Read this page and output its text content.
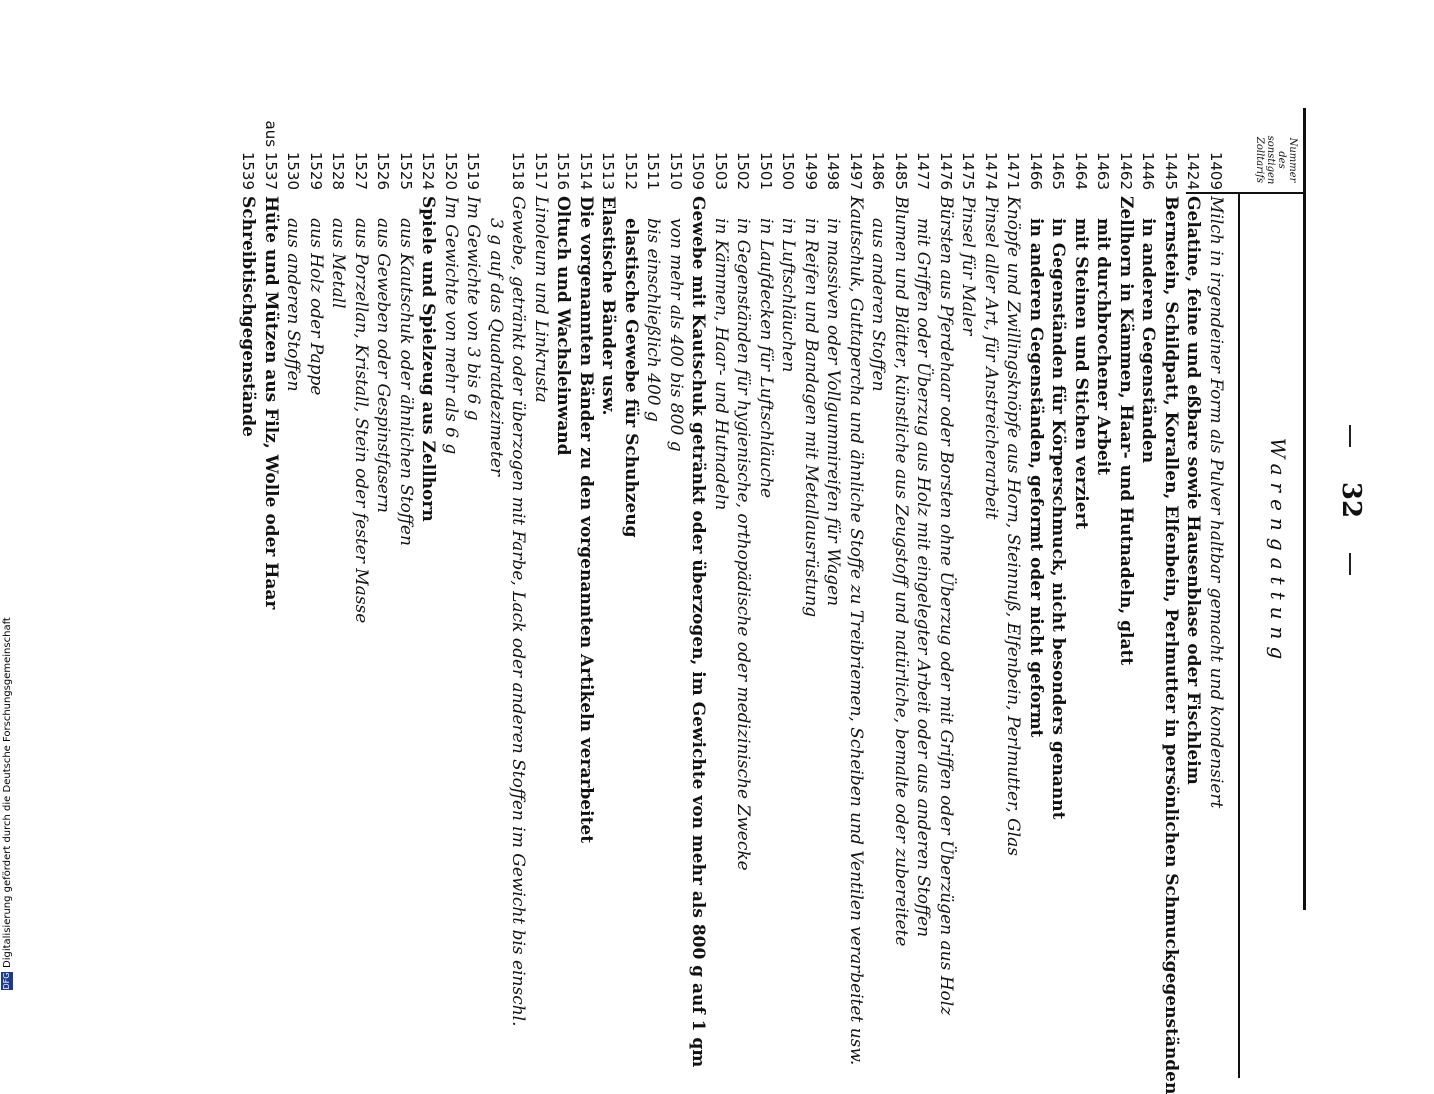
32
Nummer des sonstigen Zolltarifs
Warengattung
1409
Milch in irgendeiner Form als Pulver haltbar gemacht und kondensiert
1424
Gelatine, feine und eßbare sowie Hausenblase oder Fischleim
1445
Bernstein, Schildpatt, Korallen, Elfenbein, Perlmutter in persönlichen Schmuckgegenständen
1446
in anderen Gegenständen
1462
Zellhorn in Kämmen, Haar- und Hutnadeln, glatt
1463
mit durchbrochener Arbeit
1464
mit Steinen und Stichen verziert
1465
in Gegenständen für Körperschmuck, nicht besonders genannt
1466
in anderen Gegenständen, geformt oder nicht geformt
1471
Knöpfe und Zwillingsknöpfe aus Horn, Steinnuß, Elfenbein, Perlmutter, Glas
1474
Pinsel aller Art, für Anstreicherarbeit
1475
Pinsel für Maler
1476
Bürsten aus Pferdehaar oder Borsten ohne Überzug oder mit Griffen oder Überzügen aus Holz
1477
mit Griffen oder Überzug aus Holz mit eingelegter Arbeit oder aus anderen Stoffen
1485
Blumen und Blätter, künstliche aus Zeugstoff und natürliche, bemalte oder zubereitete
1486
aus anderen Stoffen
1497
Kautschuk, Guttapercha und ähnliche Stoffe zu Treibriemen, Scheiben und Ventilen verarbeitet usw.
1498
in massiven oder Vollgummireifen für Wagen
1499
in Reifen und Bandagen mit Metallausrüstung
1500
in Luftschläuchen
1501
in Laufdecken für Luftschläuche
1502
in Gegenständen für hygienische, orthopädische oder medizinische Zwecke
1503
in Kämmen, Haar- und Hutnadeln
1509
Gewebe mit Kautschuk getränkt oder überzogen, im Gewichte von mehr als 800 g auf 1 qm
1510
von mehr als 400 bis 800 g
1511
bis einschließlich 400 g
1512
elastische Gewebe für Schuhzeug
1513
Elastische Bänder usw.
1514
Die vorgenannten Bänder zu den vorgenannten Artikeln verarbeitet
1516
Oltuch und Wachsleinwand
1517
Linoleum und Linkrusta
1518
Gewebe, getränkt oder überzogen mit Farbe, Lack oder anderen Stoffen im Gewicht bis einschl.
3 g auf das Quadratdezimeter
1519
Im Gewichte von 3 bis 6 g
1520
Im Gewichte von mehr als 6 g
1524
Spiele und Spielzeug aus Zellhorn
1525
aus Kautschuk oder ähnlichen Stoffen
1526
aus Geweben oder Gespinstfasern
1527
aus Porzellan, Kristall, Stein oder fester Masse
1528
aus Metall
1529
aus Holz oder Pappe
1530
aus anderen Stoffen
aus 1537
Hüte und Mützen aus Filz, Wolle oder Haar
1539
Schreibtischgegenstände
DFGDigitalisierung gefördert durch die Deutsche Forschungsgemeinschaft
